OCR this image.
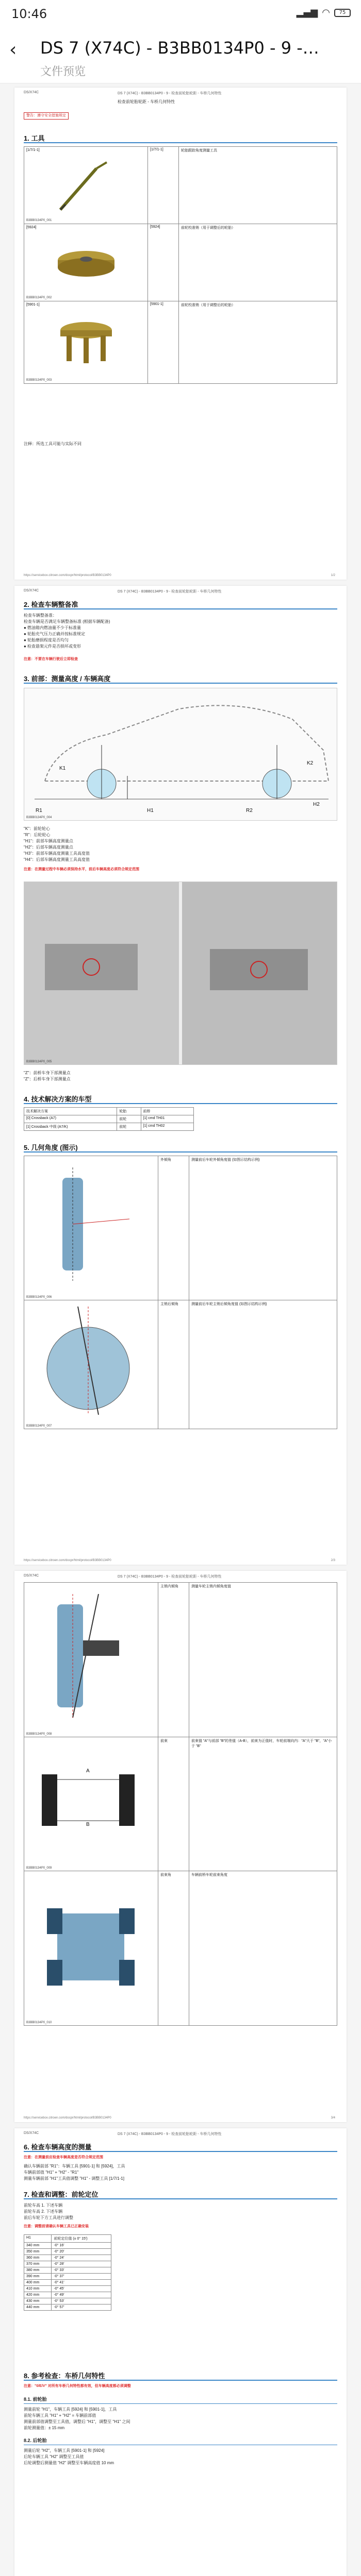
10:46	▂▄▆ ◠	75
‹ DS 7 (X74C) - B3BB0134P0 - 9 -…
文件预览
DS/X74C	DS 7 (X74C) - B3BB0134P0 - 9 - 检查前轮胎轮距 - 车桥几何特性
检查前轮胎轮距 - 车桥几何特性
警告：遵守安全措施规定
1. 工具
[1/7/1-1]
B3BB0134P0_001	[1/7/1-1]	轮胎跟踪角度测量工具

[5924]
B3BB0134P0_002	[5924]	前轮校准销（用于调整后的轮胎）

[5901-1]
B3BB0134P0_003	[5901-1]	前轮校准销（用于调整后的轮胎）
注释：所选工具可能与实际不同
https://servicebox.citroen.com/docpr/html/protocol/B3BB0134P0	1/2
DS/X74C	DS 7 (X74C) - B3BB0134P0 - 9 - 检查前轮胎轮距 - 车桥几何特性
2. 检查车辆整备准
检查车辆整备准：
检查车辆是否满足车辆整备标准 (根据车辆配备)
● 燃油箱内燃油量不少于标准量
● 轮胎充气压力正确并按标准规定
● 轮胎磨损程度是否均匀
● 检查悬架元件是否损坏或变形
注意：不要在车辆行驶后立即检查
3. 前部：测量高度 / 车辆高度
K1
R1	H1	R2
K2
H2
B3BB0134P0_004
"K"：前轮轮心
"R"：后轮轮心
"H1"：前部车辆高度测量点
"H2"：后部车辆高度测量点
"H3"：前部车辆高度测量工具高度值
"H4"：后部车辆高度测量工具高度值
注意：在测量过程中车辆必须保持水平，前后车辆高度必须符合规定范围
B3BB0134P0_005
"Z"：前桥车身下部测量点
"Z"：后桥车身下部测量点
4. 技术解决方案的车型
技术解决方案	轮胎	前桥
[0] Crossback (A7)	前轮	[1] cmd TH01
[1] Crossback 中级 (A7/K)	前轮	[1] cmd TH02
5. 几何角度 (图示)
B3BB0134P0_006	外倾角	测量前后车轮外倾角度值 (如图示结构示例)

B3BB0134P0_007	主销后倾角	测量前后车轮主销后倾角度值 (如图示结构示例)
https://servicebox.citroen.com/docpr/html/protocol/B3BB0134P0	2/3
DS/X74C	DS 7 (X74C) - B3BB0134P0 - 9 - 检查前轮胎轮距 - 车桥几何特性
B3BB0134P0_008	主销内倾角	测量车轮主销内倾角度值

A
B
B3BB0134P0_009	前束	前束值 "A"与前部 "B"的差值（A-B），前束为正值时，车轮前端向内："A"大于 "B"，"A"小于 "B"

B3BB0134P0_010	前束角	车辆前桥车轮前束角度
https://servicebox.citroen.com/docpr/html/protocol/B3BB0134P0	3/4
DS/X74C	DS 7 (X74C) - B3BB0134P0 - 9 - 检查前轮胎轮距 - 车桥几何特性
6. 检查车辆高度的测量
注意：在测量前应检查车辆高度是否符合规定范围
确认车辆前部 "R1"：车辆工具 [5901-1] 和 [5924]，工具
车辆前部值 "H1" + "H2" - "R1"
测量车辆前部 "H1"工具值调整 "H1" - 调整工具 [1/7/1-1]
7. 检查和调整：前轮定位
前轮车高 1. 下述车辆
前轮车高 2. 下述车辆
前后车轮下方工具进行调整
注意：调整前请确认车辆工具已正确安装
H1	前轮定位值 (± 0° 15′)
340 mm	-0° 16′
350 mm	-0° 20′
360 mm	-0° 24′
370 mm	-0° 28′
380 mm	-0° 33′
390 mm	-0° 37′
400 mm	-0° 41′
410 mm	-0° 45′
420 mm	-0° 49′
430 mm	-0° 53′
440 mm	-0° 57′
8. 参考检查：车桥几何特性
注意："0/E/V" 对所有车桥几何特性都有效，但车辆高度都必须调整
8.1. 前轮胎
测量前轮 "H1"，车辆工具 [5924] 和 [5901-1]，工具
前轮车辆工具 "H1" + "H2" = 车辆前部值
测量前部值调整至工具值，调整后 "H1"，调整至 "H1" 之间
前轮测量值：± 15 mm
8.2. 后轮胎
测量后轮 "H2"，车辆工具 [5901-1] 和 [5924]
后轮车辆工具 "H2" 调整至工具值
后轮调整后测量值 "H2" 调整至车辆高度值 10 mm
